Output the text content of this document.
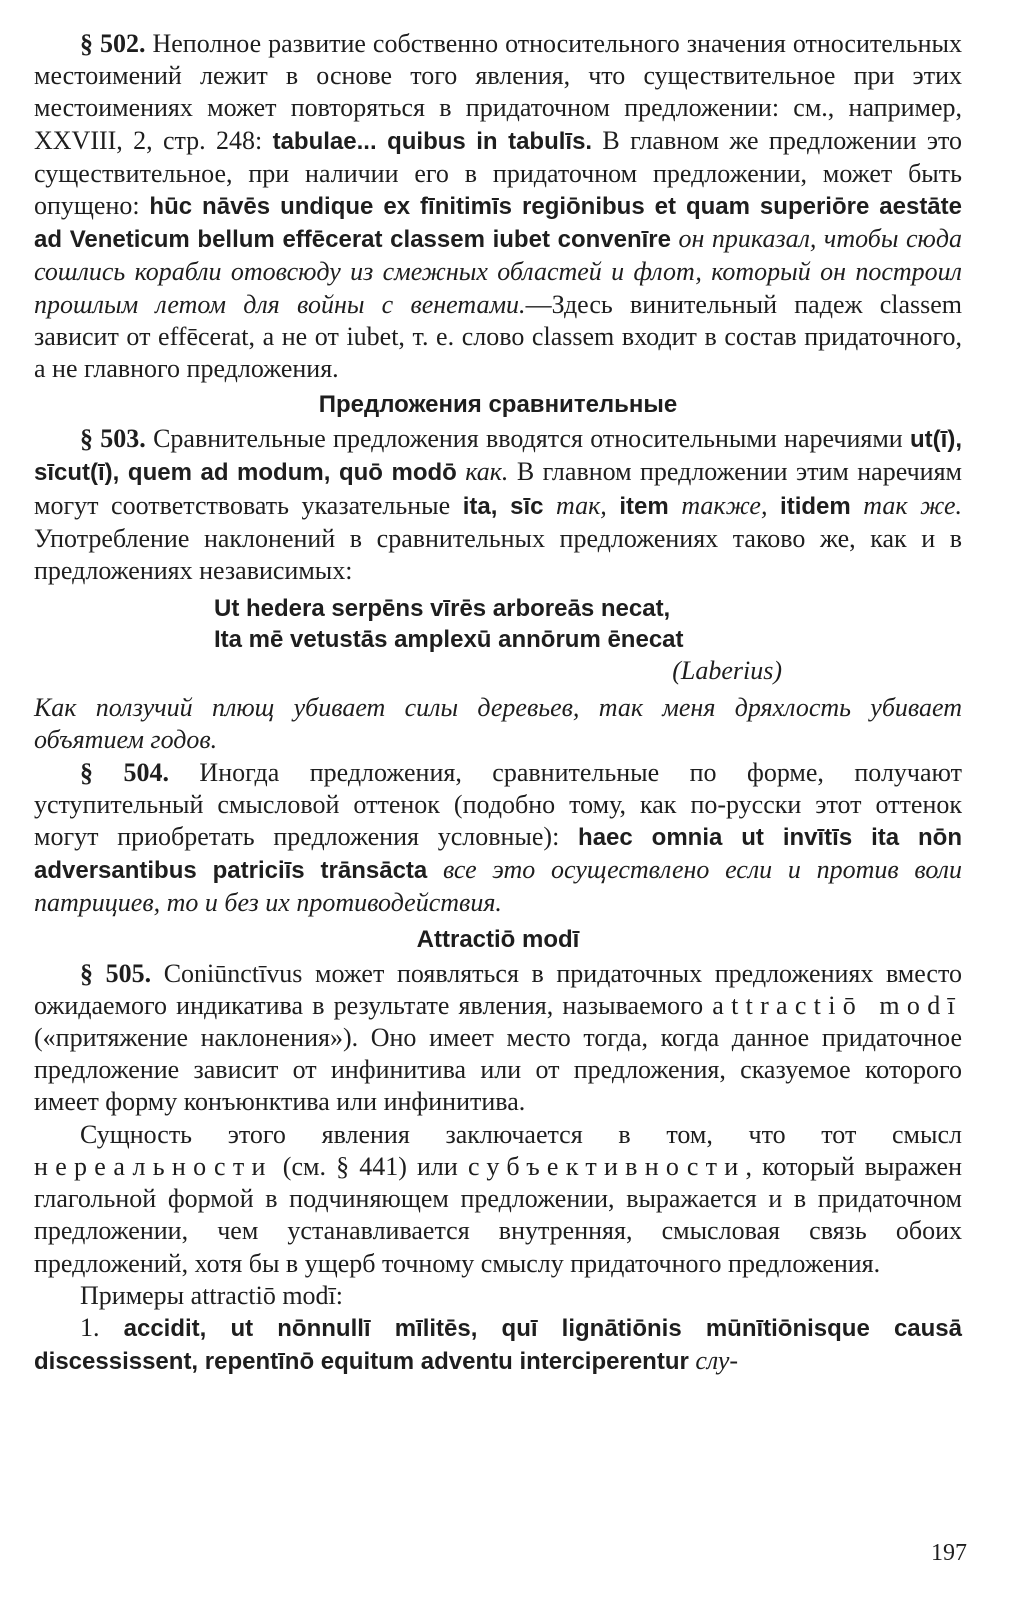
§ 502. Неполное развитие собственно относительного значения относительных местоимений лежит в основе того явления, что существительное при этих местоимениях может повторяться в придаточном предложении: см., например, XXVIII, 2, стр. 248: tabulae... quibus in tabulīs. В главном же предложении это существительное, при наличии его в придаточном предложении, может быть опущено: hūc nāvēs undique ex fīnitimīs regiōnibus et quam superiōre aestāte ad Veneticum bellum effēcerat classem iubet convenīre он приказал, чтобы сюда сошлись корабли отовсюду из смежных областей и флот, который он построил прошлым летом для войны с венетами.—Здесь винительный падеж classem зависит от effēcerat, а не от iubet, т. е. слово classem входит в состав придаточного, а не главного предложения.

Предложения сравнительные

§ 503. Сравнительные предложения вводятся относительными наречиями ut(ī), sīcut(ī), quem ad modum, quō modō как. В главном предложении этим наречиям могут соответствовать указательные ita, sīc так, item также, itidem так же. Употребление наклонений в сравнительных предложениях таково же, как и в предложениях независимых:

Ut hedera serpēns vīrēs arboreās necat,
Ita mē vetustās amplexū annōrum ēnecat
(Laberius)

Как ползучий плющ убивает силы деревьев, так меня дряхлость убивает объятием годов.

§ 504. Иногда предложения, сравнительные по форме, получают уступительный смысловой оттенок (подобно тому, как по-русски этот оттенок могут приобретать предложения условные): haec omnia ut invītīs ita nōn adversantibus patriciīs trānsācta все это осуществлено если и против воли патрициев, то и без их противодействия.

Attractiō modī

§ 505. Coniūnctīvus может появляться в придаточных предложениях вместо ожидаемого индикатива в результате явления, называемого attractiō modī («притяжение наклонения»). Оно имеет место тогда, когда данное придаточное предложение зависит от инфинитива или от предложения, сказуемое которого имеет форму конъюнктива или инфинитива.

Сущность этого явления заключается в том, что тот смысл нереальности (см. § 441) или субъективности, который выражен глагольной формой в подчиняющем предложении, выражается и в придаточном предложении, чем устанавливается внутренняя, смысловая связь обоих предложений, хотя бы в ущерб точному смыслу придаточного предложения.

Примеры attractiō modī:

1. accidit, ut nōnnullī mīlitēs, quī lignātiōnis mūnītiōnisque causā discessissent, repentīnō equitum adventu interciperentur слу-

197
